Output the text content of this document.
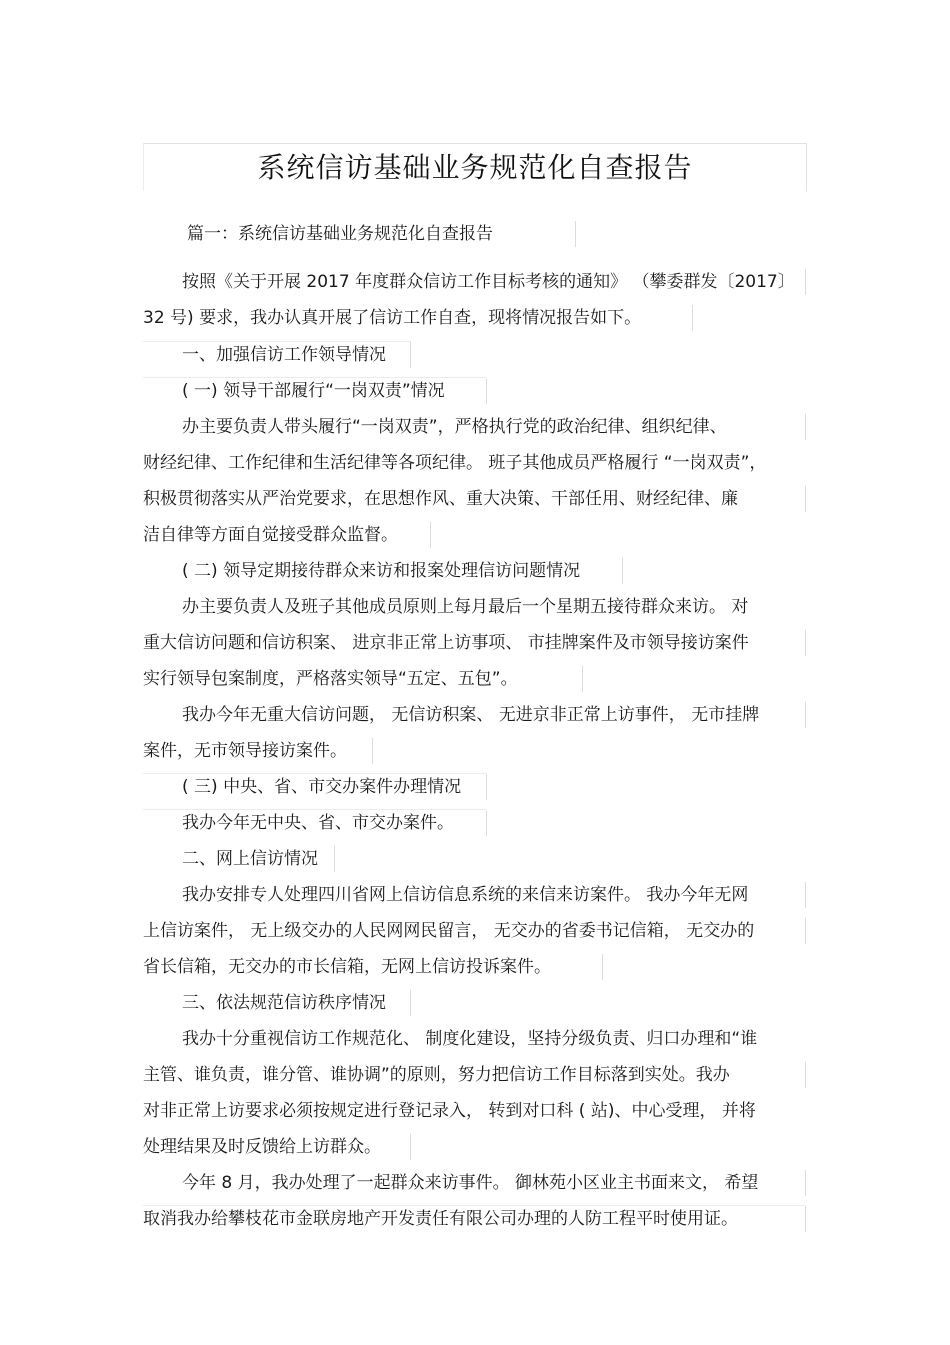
系统信访基础业务规范化自查报告
篇一：系统信访基础业务规范化自查报告
按照《关于开展 2017 年度群众信访工作目标考核的通知》 （攀委群发〔2017〕
32 号) 要求，我办认真开展了信访工作自查，现将情况报告如下。
一、加强信访工作领导情况
( 一) 领导干部履行“一岗双责”情况
办主要负责人带头履行“一岗双责”，严格执行党的政治纪律、组织纪律、
财经纪律、工作纪律和生活纪律等各项纪律。 班子其他成员严格履行 “一岗双责”，
积极贯彻落实从严治党要求，在思想作风、重大决策、干部任用、财经纪律、廉
洁自律等方面自觉接受群众监督。
( 二) 领导定期接待群众来访和报案处理信访问题情况
办主要负责人及班子其他成员原则上每月最后一个星期五接待群众来访。 对
重大信访问题和信访积案、 进京非正常上访事项、 市挂牌案件及市领导接访案件
实行领导包案制度，严格落实领导“五定、五包”。
我办今年无重大信访问题， 无信访积案、 无进京非正常上访事件， 无市挂牌
案件，无市领导接访案件。
( 三) 中央、省、市交办案件办理情况
我办今年无中央、省、市交办案件。
二、网上信访情况
我办安排专人处理四川省网上信访信息系统的来信来访案件。 我办今年无网
上信访案件， 无上级交办的人民网网民留言， 无交办的省委书记信箱， 无交办的
省长信箱，无交办的市长信箱，无网上信访投诉案件。
三、依法规范信访秩序情况
我办十分重视信访工作规范化、 制度化建设，坚持分级负责、归口办理和“谁
主管、谁负责，谁分管、谁协调”的原则，努力把信访工作目标落到实处。我办
对非正常上访要求必须按规定进行登记录入， 转到对口科 ( 站)、中心受理， 并将
处理结果及时反馈给上访群众。
今年 8 月，我办处理了一起群众来访事件。 御林苑小区业主书面来文， 希望
取消我办给攀枝花市金联房地产开发责任有限公司办理的人防工程平时使用证。
